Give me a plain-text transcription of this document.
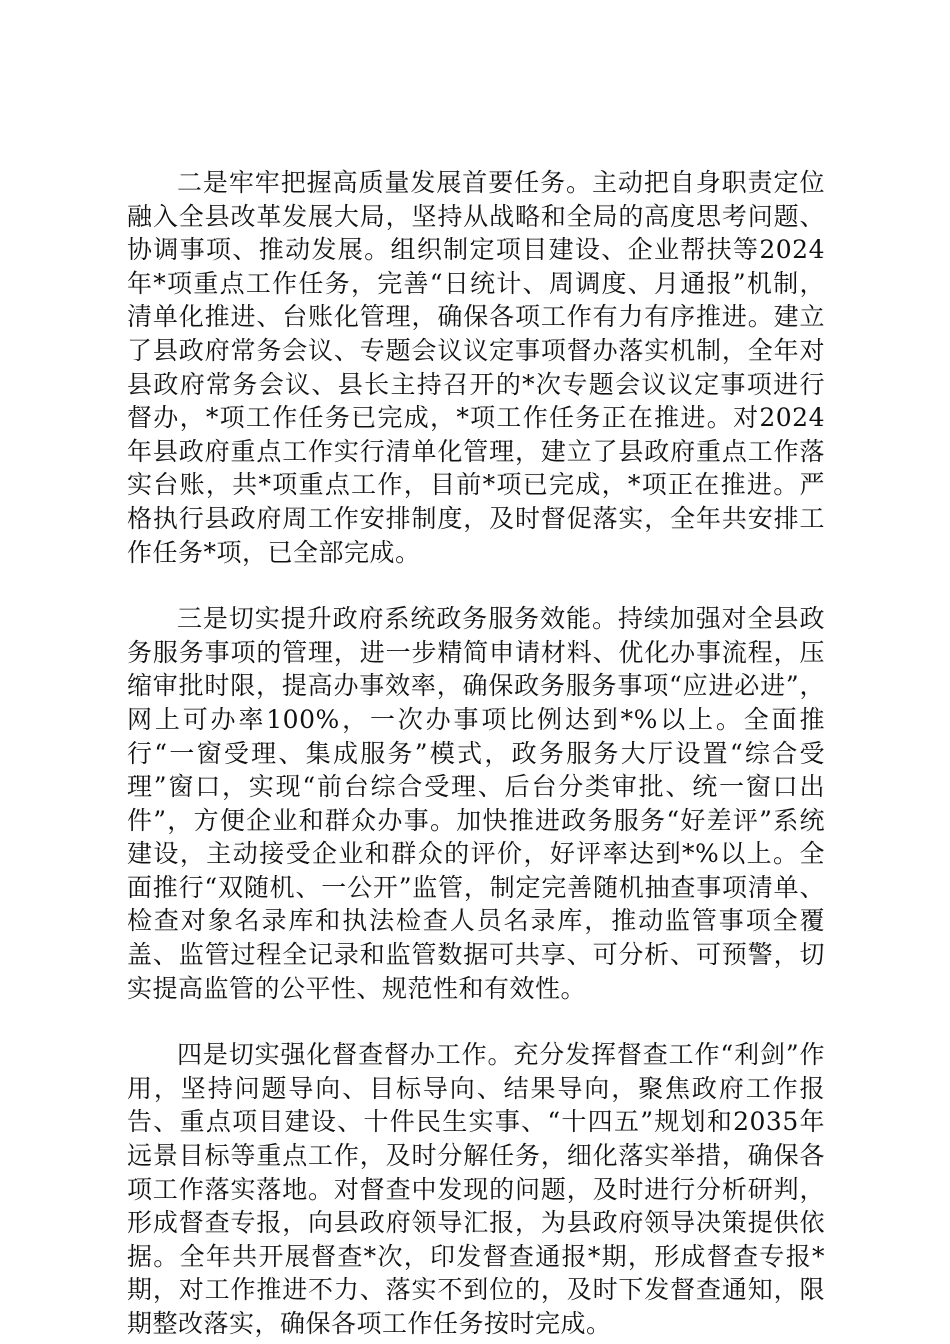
二是牢牢把握高质量发展首要任务。主动把自身职责定位融入全县改革发展大局，坚持从战略和全局的高度思考问题、协调事项、推动发展。组织制定项目建设、企业帮扶等2024年*项重点工作任务，完善“日统计、周调度、月通报”机制，清单化推进、台账化管理，确保各项工作有力有序推进。建立了县政府常务会议、专题会议议定事项督办落实机制，全年对县政府常务会议、县长主持召开的*次专题会议议定事项进行督办，*项工作任务已完成，*项工作任务正在推进。对2024年县政府重点工作实行清单化管理，建立了县政府重点工作落实台账，共*项重点工作，目前*项已完成，*项正在推进。严格执行县政府周工作安排制度，及时督促落实，全年共安排工作任务*项，已全部完成。

三是切实提升政府系统政务服务效能。持续加强对全县政务服务事项的管理，进一步精简申请材料、优化办事流程，压缩审批时限，提高办事效率，确保政务服务事项“应进必进”，网上可办率100%，一次办事项比例达到*%以上。全面推行“一窗受理、集成服务”模式，政务服务大厅设置“综合受理”窗口，实现“前台综合受理、后台分类审批、统一窗口出件”，方便企业和群众办事。加快推进政务服务“好差评”系统建设，主动接受企业和群众的评价，好评率达到*%以上。全面推行“双随机、一公开”监管，制定完善随机抽查事项清单、检查对象名录库和执法检查人员名录库，推动监管事项全覆盖、监管过程全记录和监管数据可共享、可分析、可预警，切实提高监管的公平性、规范性和有效性。

四是切实强化督查督办工作。充分发挥督查工作“利剑”作用，坚持问题导向、目标导向、结果导向，聚焦政府工作报告、重点项目建设、十件民生实事、“十四五”规划和2035年远景目标等重点工作，及时分解任务，细化落实举措，确保各项工作落实落地。对督查中发现的问题，及时进行分析研判，形成督查专报，向县政府领导汇报，为县政府领导决策提供依据。全年共开展督查*次，印发督查通报*期，形成督查专报*期，对工作推进不力、落实不到位的，及时下发督查通知，限期整改落实，确保各项工作任务按时完成。
